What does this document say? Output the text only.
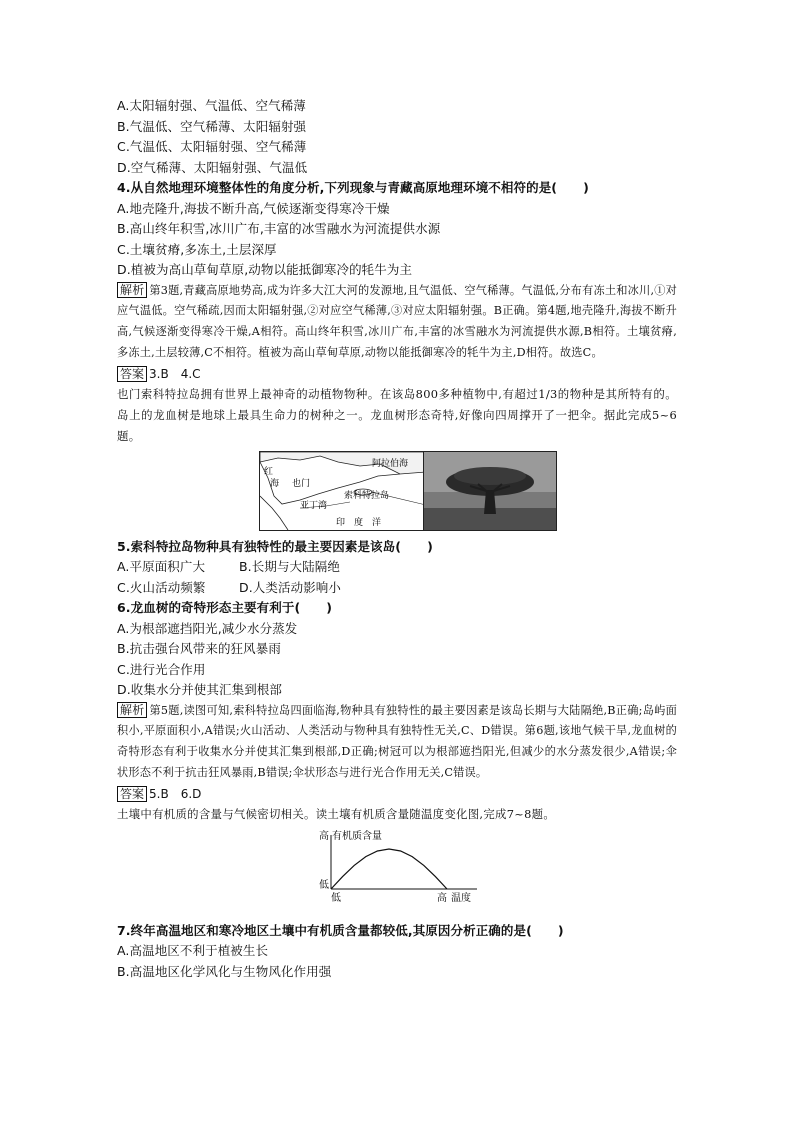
A.太阳辐射强、气温低、空气稀薄
B.气温低、空气稀薄、太阳辐射强
C.气温低、太阳辐射强、空气稀薄
D.空气稀薄、太阳辐射强、气温低
4.从自然地理环境整体性的角度分析,下列现象与青藏高原地理环境不相符的是( )
A.地壳隆升,海拔不断升高,气候逐渐变得寒冷干燥
B.高山终年积雪,冰川广布,丰富的冰雪融水为河流提供水源
C.土壤贫瘠,多冻土,土层深厚
D.植被为高山草甸草原,动物以能抵御寒冷的牦牛为主
解析 第3题,青藏高原地势高,成为许多大江大河的发源地,且气温低、空气稀薄。气温低,分布有冻土和冰川,①对应气温低。空气稀疏,因而太阳辐射强,②对应空气稀薄,③对应太阳辐射强。B正确。第4题,地壳隆升,海拔不断升高,气候逐渐变得寒冷干燥,A相符。高山终年积雪,冰川广布,丰富的冰雪融水为河流提供水源,B相符。土壤贫瘠,多冻土,土层较薄,C不相符。植被为高山草甸草原,动物以能抵御寒冷的牦牛为主,D相符。故选C。
答案 3.B　4.C
也门索科特拉岛拥有世界上最神奇的动植物物种。在该岛800多种植物中,有超过1/3的物种是其所特有的。岛上的龙血树是地球上最具生命力的树种之一。龙血树形态奇特,好像向四周撑开了一把伞。据此完成5~6题。
红
海 也门
阿拉伯海
亚丁湾
索科特拉岛
印　度　洋
5.索科特拉岛物种具有独特性的最主要因素是该岛( )
A.平原面积广大	B.长期与大陆隔绝
C.火山活动频繁	D.人类活动影响小
6.龙血树的奇特形态主要有利于( )
A.为根部遮挡阳光,减少水分蒸发
B.抗击强台风带来的狂风暴雨
C.进行光合作用
D.收集水分并使其汇集到根部
解析 第5题,读图可知,索科特拉岛四面临海,物种具有独特性的最主要因素是该岛长期与大陆隔绝,B正确;岛屿面积小,平原面积小,A错误;火山活动、人类活动与物种具有独特性无关,C、D错误。第6题,该地气候干旱,龙血树的奇特形态有利于收集水分并使其汇集到根部,D正确;树冠可以为根部遮挡阳光,但减少的水分蒸发很少,A错误;伞状形态不利于抗击狂风暴雨,B错误;伞状形态与进行光合作用无关,C错误。
答案 5.B　6.D
土壤中有机质的含量与气候密切相关。读土壤有机质含量随温度变化图,完成7~8题。
高 有机质含量
低
低	高 温度
7.终年高温地区和寒冷地区土壤中有机质含量都较低,其原因分析正确的是( )
A.高温地区不利于植被生长
B.高温地区化学风化与生物风化作用强
